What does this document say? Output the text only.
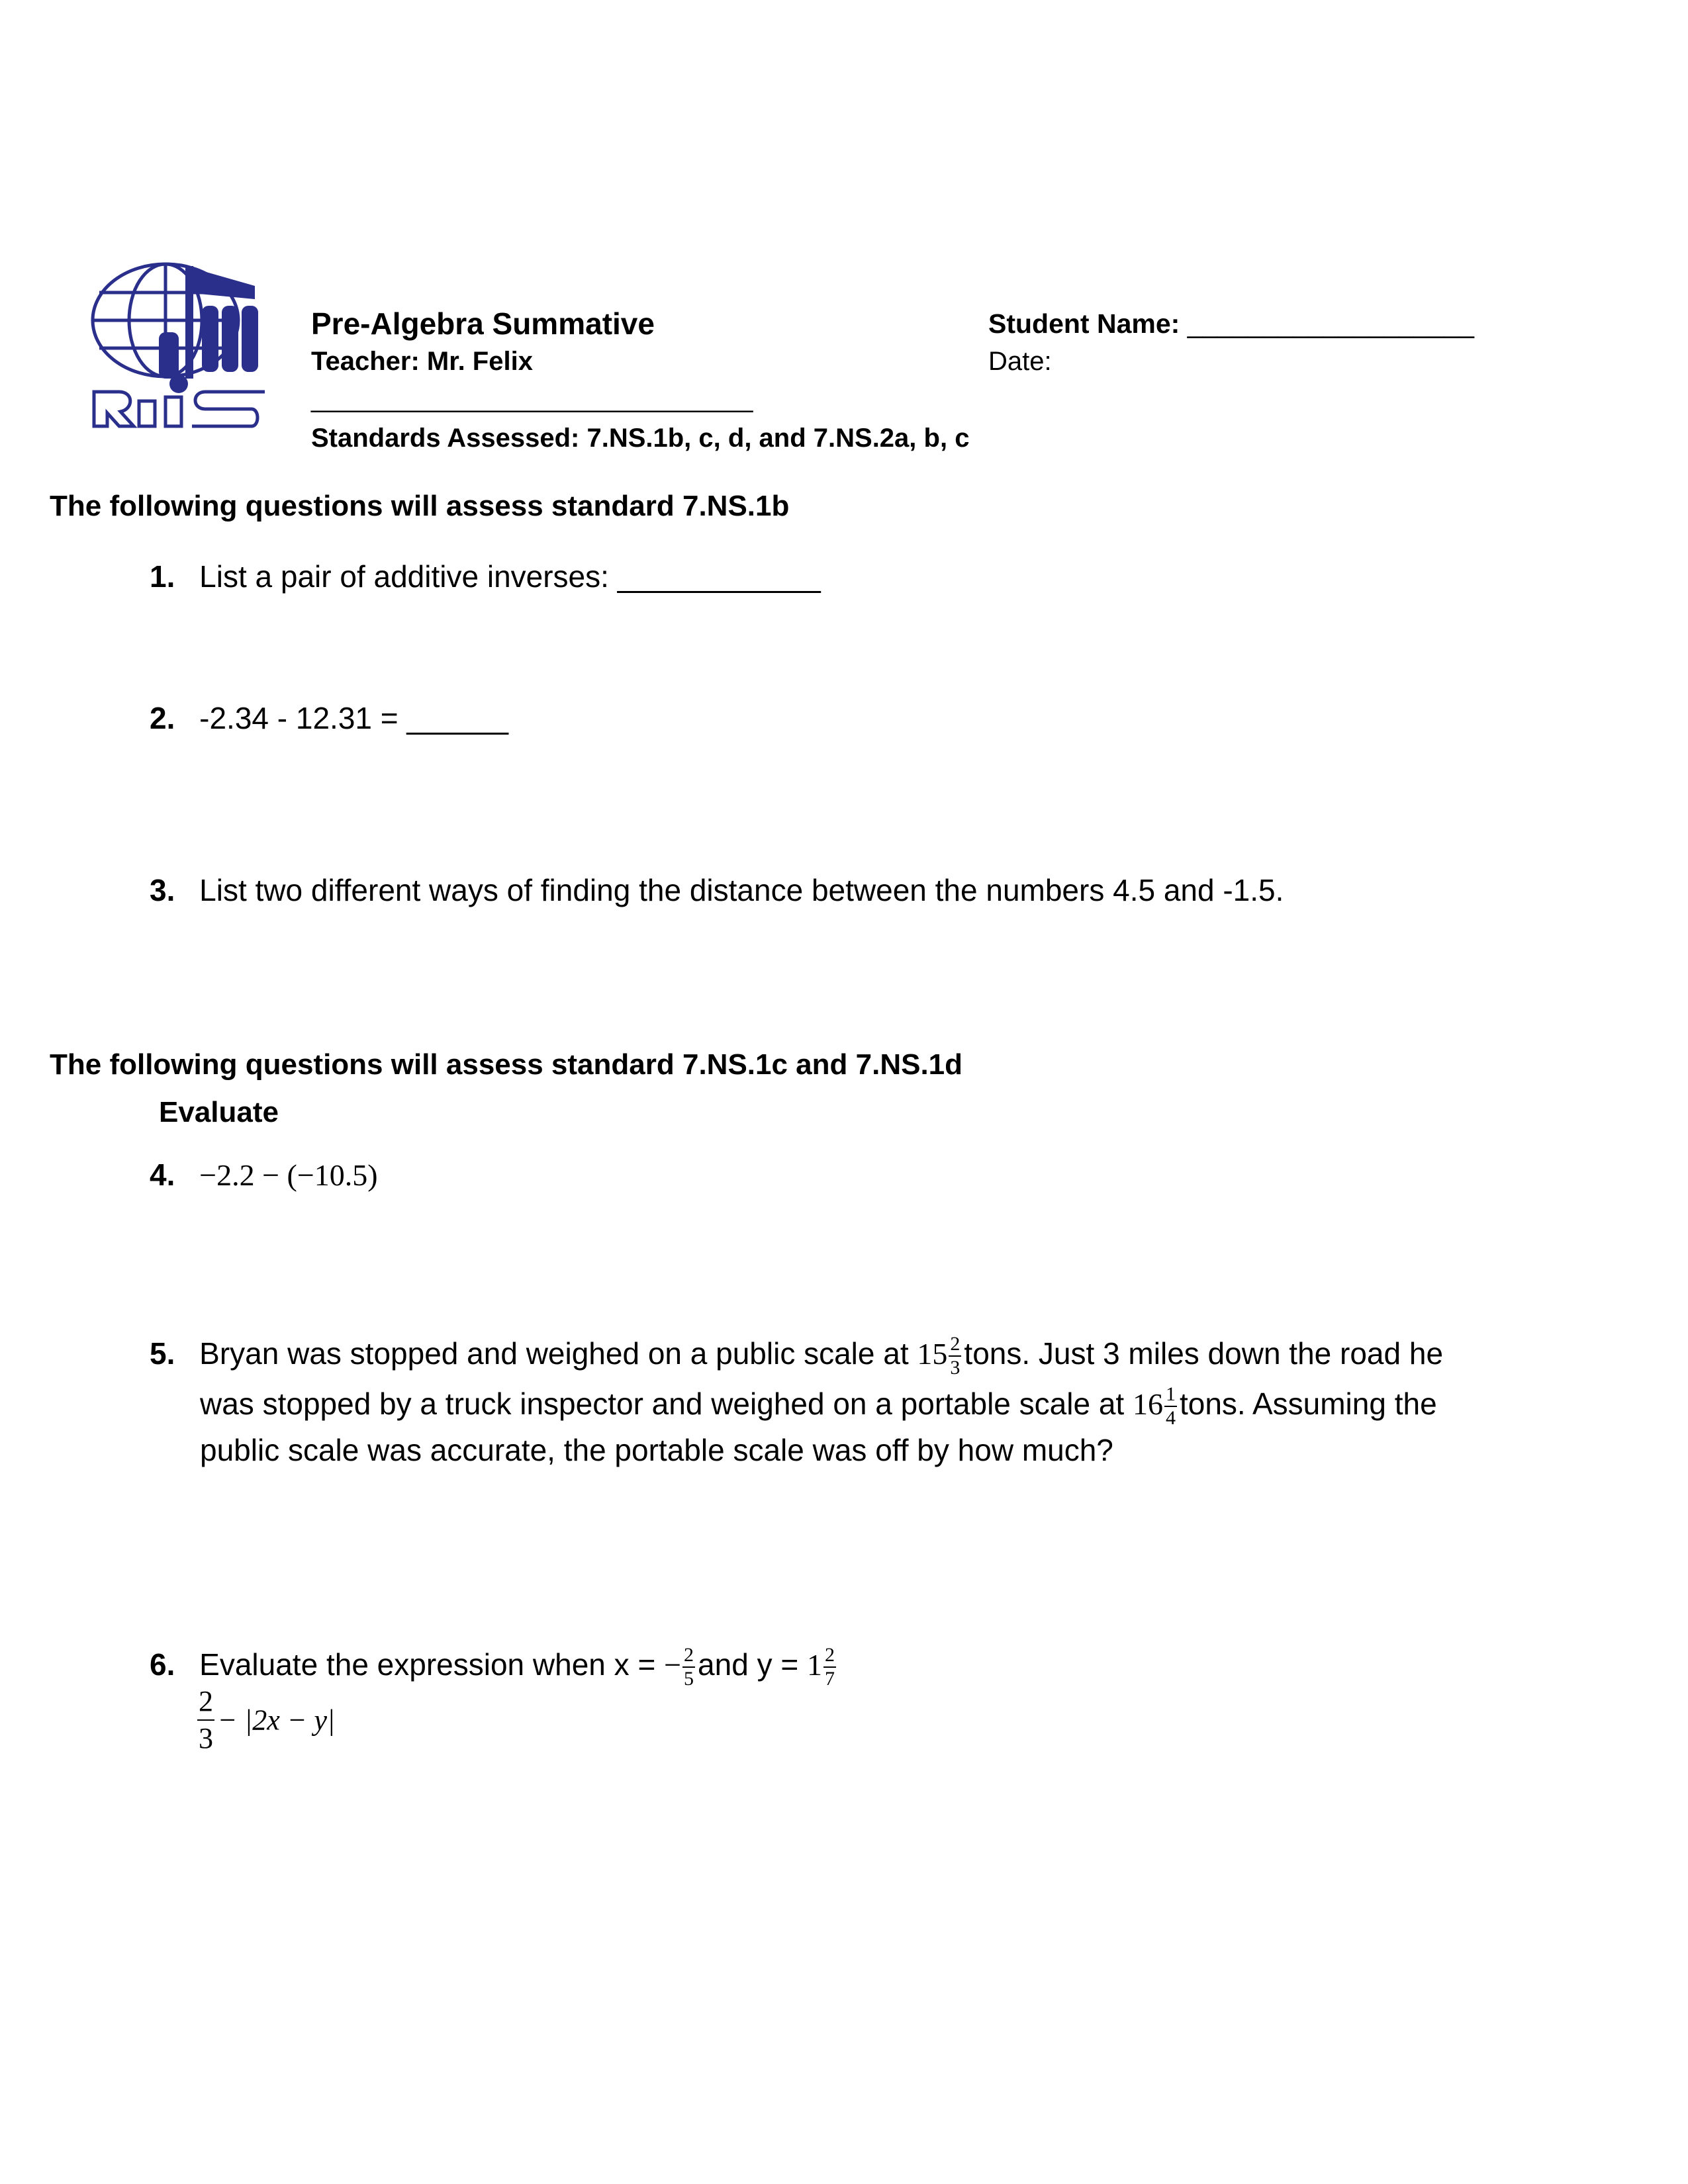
Pre-Algebra Summative
Teacher: Mr. Felix
______________________________
Standards Assessed: 7.NS.1b, c, d, and 7.NS.2a, b, c
Student Name: ___________________
Date:
The following questions will assess standard 7.NS.1b
1. List a pair of additive inverses: ____________
2. -2.34 - 12.31 = ______
3. List two different ways of finding the distance between the numbers 4.5 and -1.5.
The following questions will assess standard 7.NS.1c and 7.NS.1d
Evaluate
4. −2.2 − (−10.5)
5. Bryan was stopped and weighed on a public scale at $15 \frac{2}{3}$ tons. Just 3 miles down the road he
was stopped by a truck inspector and weighed on a portable scale at $16 \frac{1}{4}$ tons. Assuming the
public scale was accurate, the portable scale was off by how much?
6. Evaluate the expression when x = − $\frac{2}{5}$ and $y = 1 \frac{2}{7}$
$\frac{2}{3} - |2x - y|$
